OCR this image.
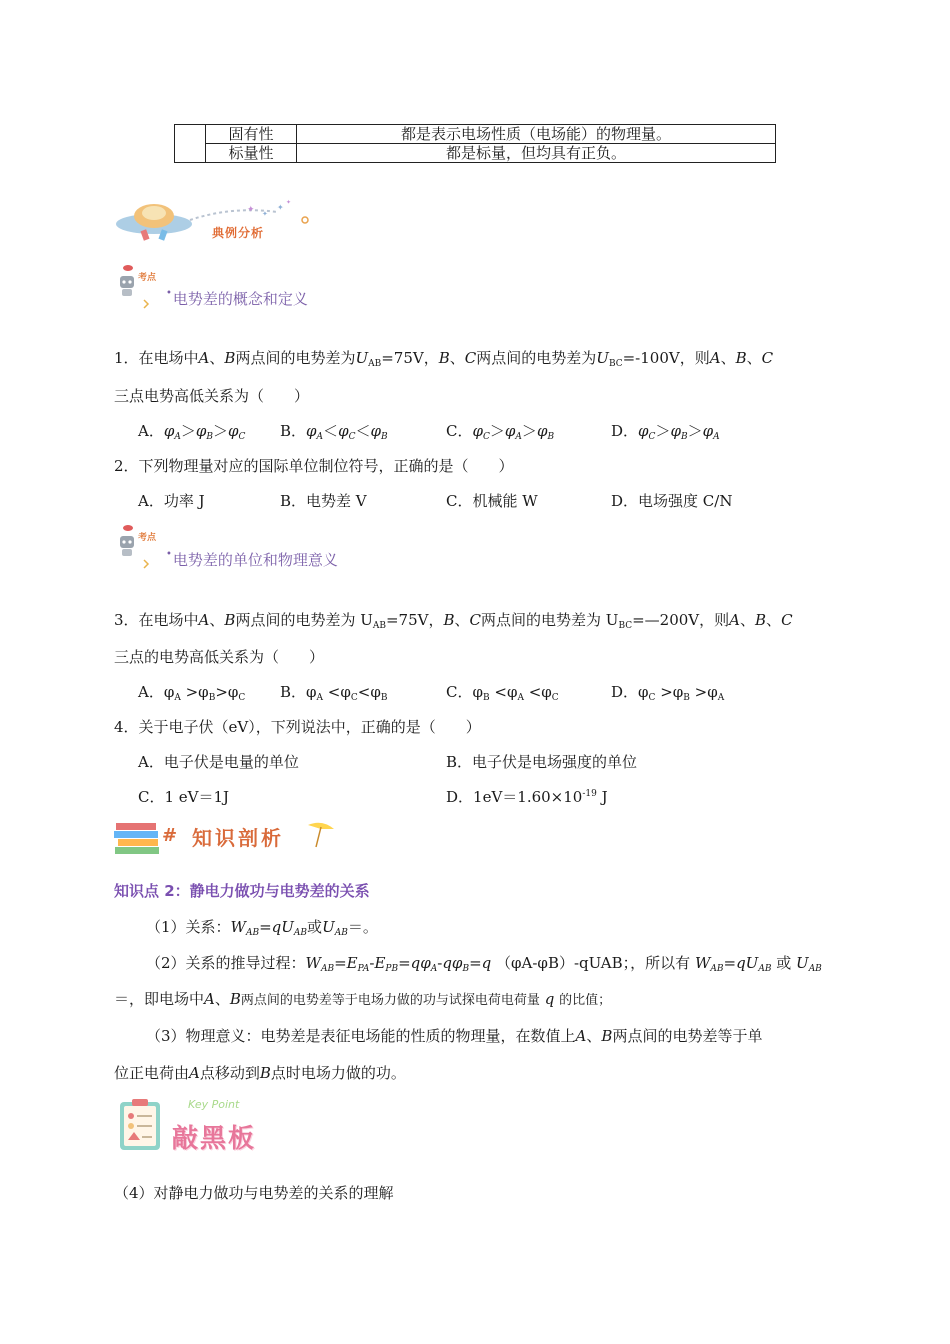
	固有性	都是表示电场性质（电场能）的物理量。
	标量性	都是标量，但均具有正负。
✦ ✦
✦
✦
典例分析
考点
•电势差的概念和定义
1．在电场中A、B两点间的电势差为$U_{AB}=75V$，B、C两点间的电势差为$U_{BC}=-100V$，则A、B、C
三点电势高低关系为（　　）
A．$\varphi_A>\varphi_B>\varphi_C$ B．$\varphi_A<\varphi_C<\varphi_B$	C．$\varphi_C>\varphi_A>\varphi_B$	D．$\varphi_C>\varphi_B>\varphi_A$
2．下列物理量对应的国际单位制位符号，正确的是（　　）
A．功率 J	B．电势差 V	C．机械能 W	D．电场强度 C/N
考点
•电势差的单位和物理意义
3．在电场中A、B两点间的电势差为 $U_{AB}=75V$，B、C两点间的电势差为 $U_{BC}=—200V$，则A、B、C
三点的电势高低关系为（　　）
A．$\varphi_A >\varphi_B>\varphi_C$ B．$\varphi_A <\varphi_C<\varphi_B$	C．$\varphi_B <\varphi_A <\varphi_C$	D．$\varphi_C >\varphi_B >\varphi_A$
4．关于电子伏（eV），下列说法中，正确的是（　　）
A．电子伏是电量的单位	B．电子伏是电场强度的单位
C．1 eV＝1J	D．$1eV=1.60\times 10^{-19}$ J
# 知识剖析
知识点 2：静电力做功与电势差的关系
（1）关系：$W_{AB}=qU_{AB}$或$U_{AB}=$。
（2）关系的推导过程：$W_{AB}=E_{PA}-E_{PB}=q\varphi_A-q\varphi_B=q$ （φA-φB）-qUAB；，所以有 $W_{AB}=qU_{AB}$ 或 $U_{AB}$
＝，即电场中A、B两点间的电势差等于电场力做的功与试探电荷电荷量 q 的比值；
（3）物理意义：电势差是表征电场能的性质的物理量，在数值上A、B两点间的电势差等于单
位正电荷由A点移动到B点时电场力做的功。
Key Point
敲黑板
（4）对静电力做功与电势差的关系的理解
